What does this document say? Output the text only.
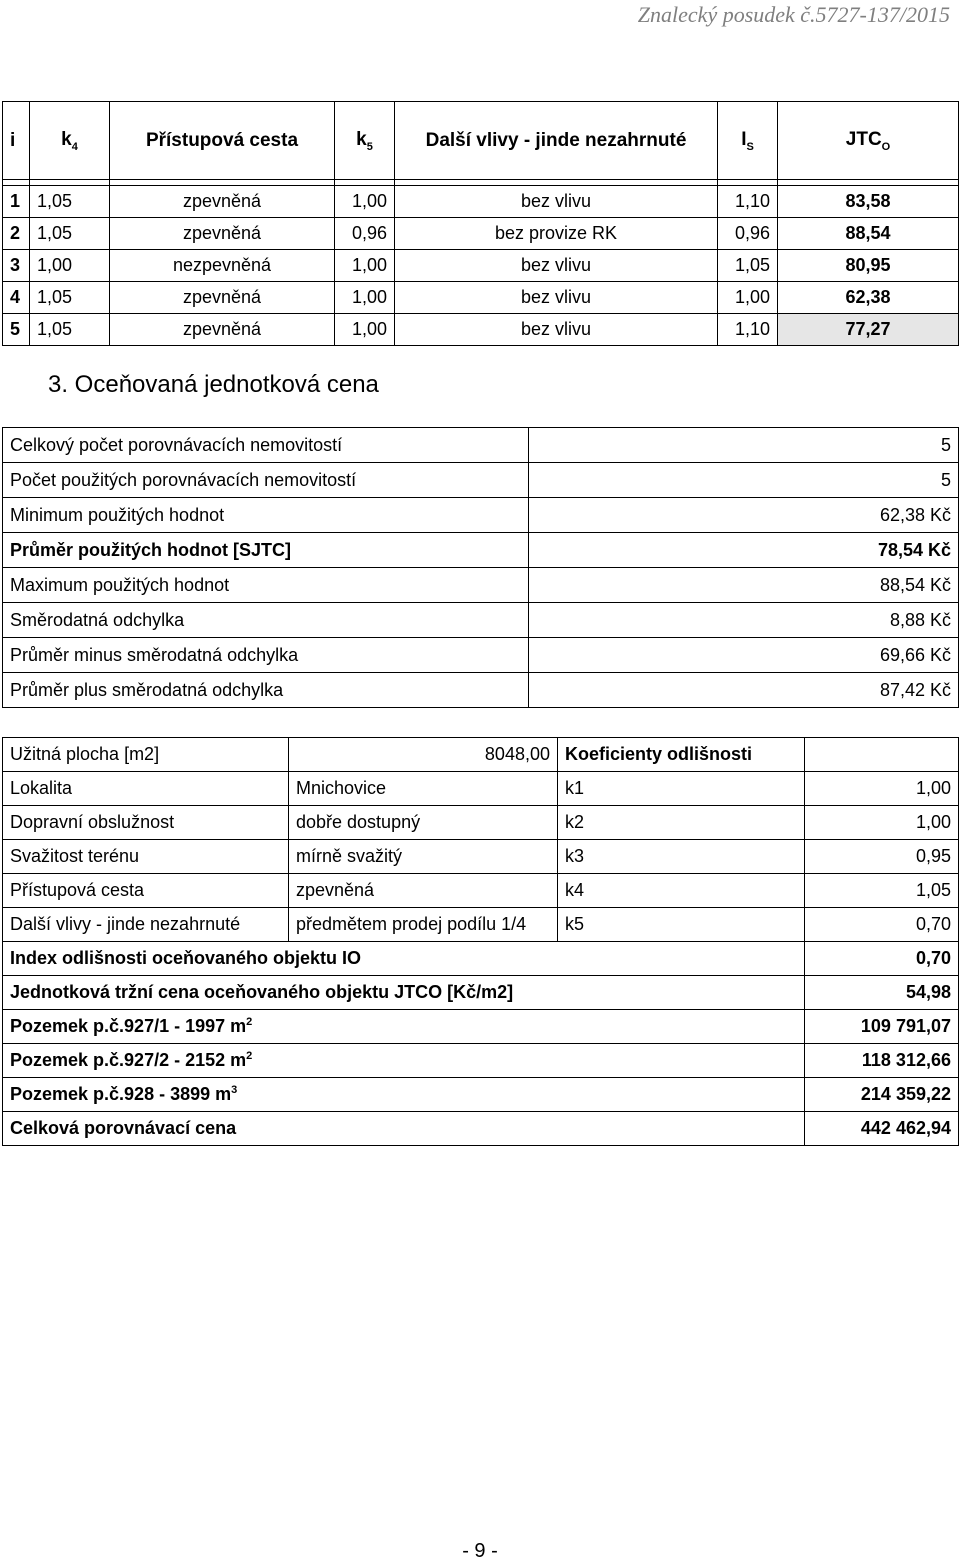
Znalecký posudek č.5727-137/2015
i	$k_4$	Přístupová cesta	$k_5$	Další vlivy - jinde nezahrnuté	$I_S$	$JTC_O$

1	1,05	zpevněná	1,00	bez vlivu	1,10	83,58
2	1,05	zpevněná	0,96	bez provize RK	0,96	88,54
3	1,00	nezpevněná	1,00	bez vlivu	1,05	80,95
4	1,05	zpevněná	1,00	bez vlivu	1,00	62,38
5	1,05	zpevněná	1,00	bez vlivu	1,10	77,27
3. Oceňovaná jednotková cena
Celkový počet porovnávacích nemovitostí	5
Počet použitých porovnávacích nemovitostí	5
Minimum použitých hodnot	62,38 Kč
Průměr použitých hodnot [SJTC]	78,54 Kč
Maximum použitých hodnot	88,54 Kč
Směrodatná odchylka	8,88 Kč
Průměr minus směrodatná odchylka	69,66 Kč
Průměr plus směrodatná odchylka	87,42 Kč
Užitná plocha [m2]	8048,00	Koeficienty odlišnosti	
Lokalita	Mnichovice	k1	1,00
Dopravní obslužnost	dobře dostupný	k2	1,00
Svažitost terénu	mírně svažitý	k3	0,95
Přístupová cesta	zpevněná	k4	1,05
Další vlivy - jinde nezahrnuté	předmětem prodej podílu 1/4	k5	0,70
Index odlišnosti oceňovaného objektu IO			0,70
Jednotková tržní cena oceňovaného objektu JTCO [Kč/m2]			54,98
Pozemek p.č.927/1 - 1997 $m^2$			109 791,07
Pozemek p.č.927/2 - 2152 $m^2$			118 312,66
Pozemek p.č.928 - 3899 $m^3$			214 359,22
Celková porovnávací cena			442 462,94
- 9 -
